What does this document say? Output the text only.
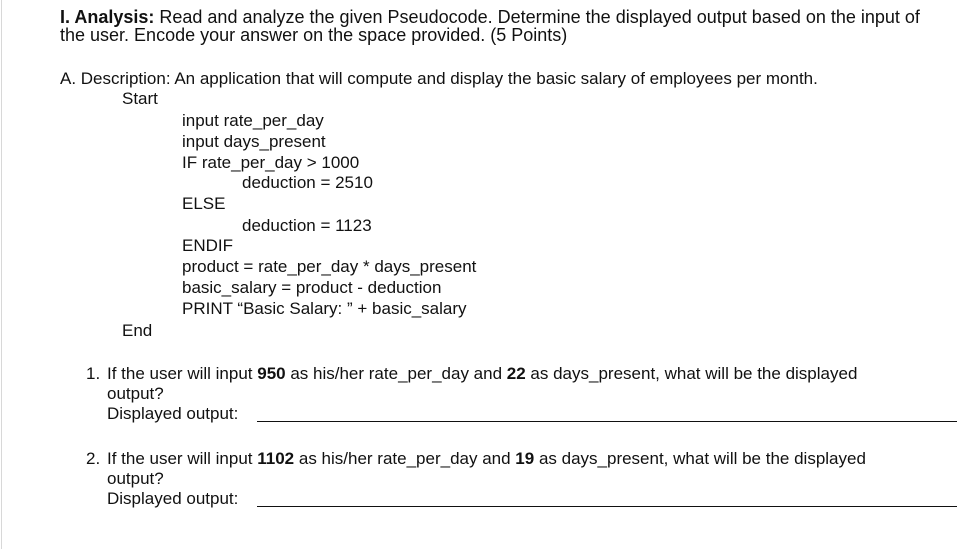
I. Analysis: Read and analyze the given Pseudocode. Determine the displayed output based on the input of
the user. Encode your answer on the space provided. (5 Points)
A. Description: An application that will compute and display the basic salary of employees per month.
Start
input rate_per_day
input days_present
IF rate_per_day > 1000
deduction = 2510
ELSE
deduction = 1123
ENDIF
product = rate_per_day * days_present
basic_salary = product - deduction
PRINT “Basic Salary: ” + basic_salary
End
1. If the user will input 950 as his/her rate_per_day and 22 as days_present, what will be the displayed
output?
Displayed output:
2. If the user will input 1102 as his/her rate_per_day and 19 as days_present, what will be the displayed
output?
Displayed output:
